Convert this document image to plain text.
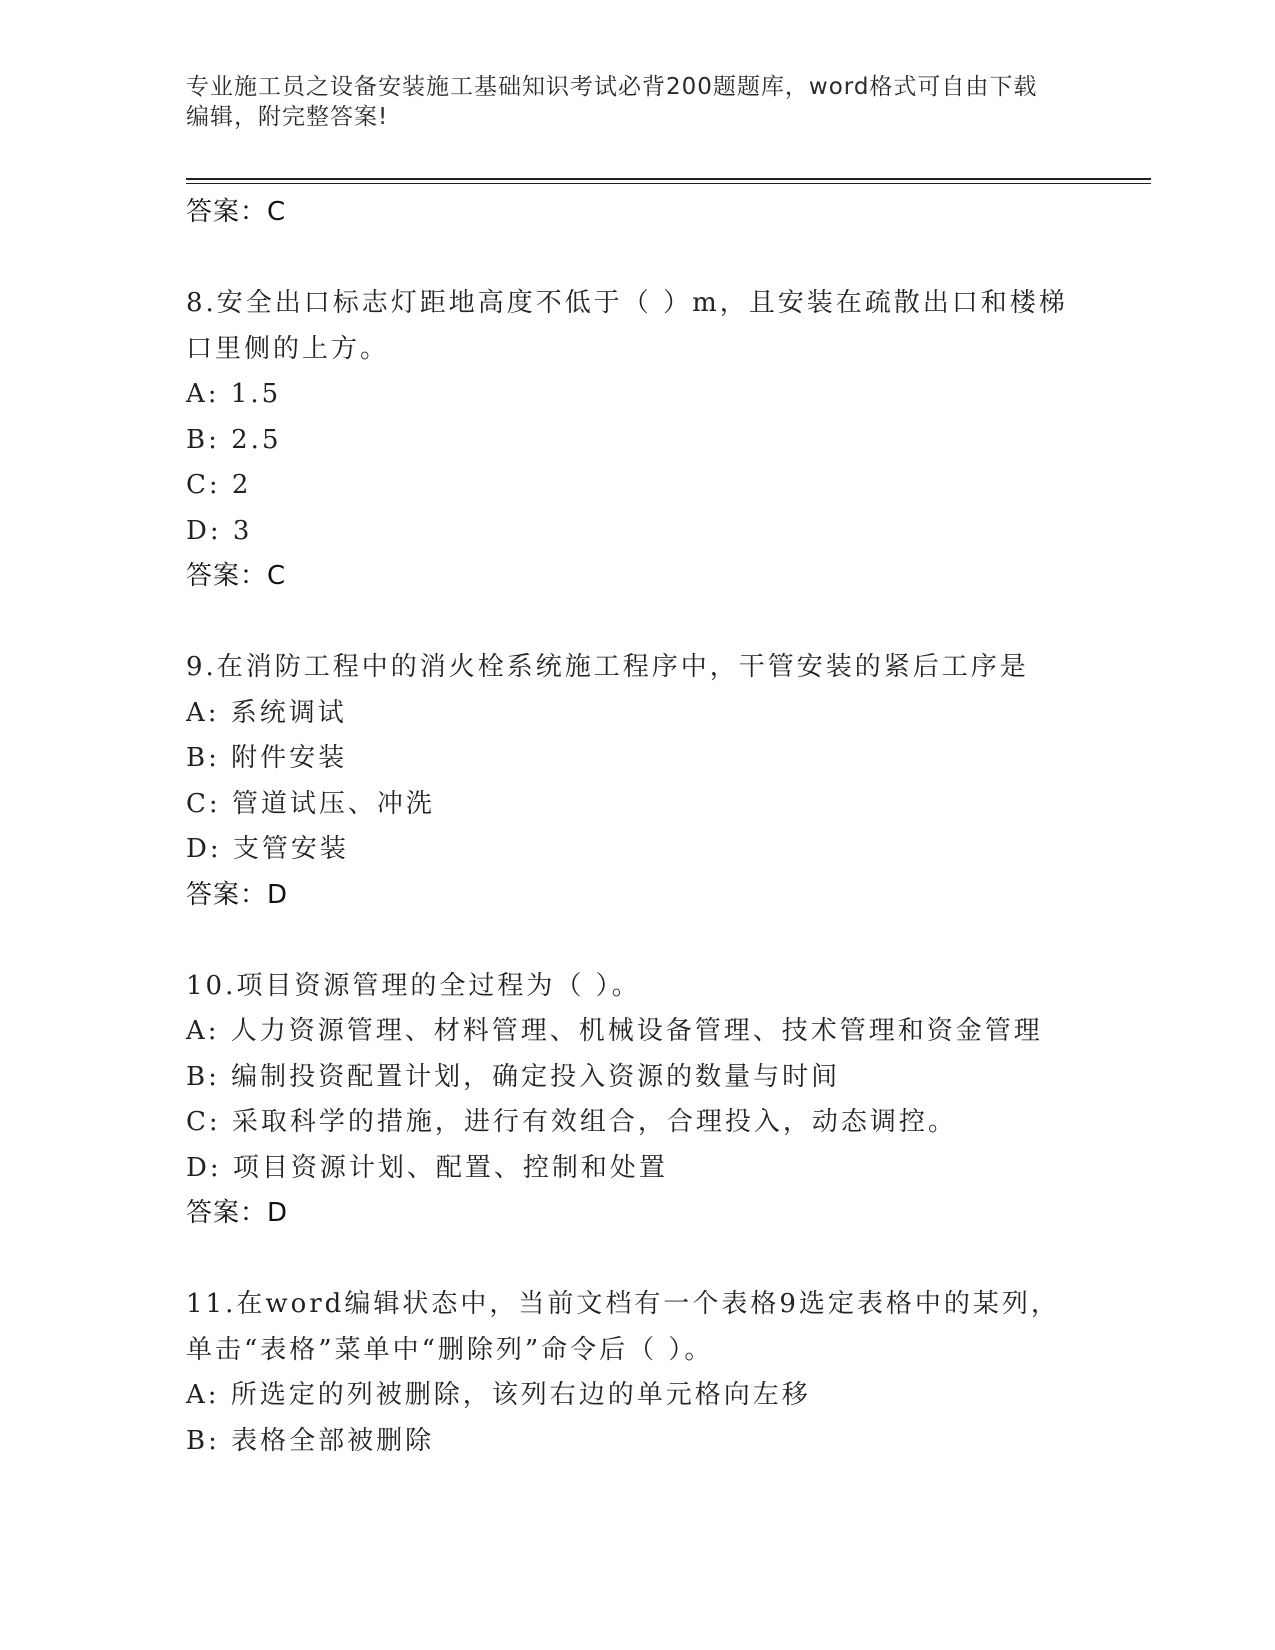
专业施工员之设备安装施工基础知识考试必背200题题库，word格式可自由下载
编辑，附完整答案!
答案：C
8.安全出口标志灯距地高度不低于（ ）m，且安装在疏散出口和楼梯
口里侧的上方。
A: 1.5
B: 2.5
C: 2
D: 3
答案：C
9.在消防工程中的消火栓系统施工程序中，干管安装的紧后工序是
A: 系统调试
B: 附件安装
C: 管道试压、冲洗
D: 支管安装
答案：D
10.项目资源管理的全过程为（ ）。
A: 人力资源管理、材料管理、机械设备管理、技术管理和资金管理
B: 编制投资配置计划，确定投入资源的数量与时间
C: 采取科学的措施，进行有效组合，合理投入，动态调控。
D: 项目资源计划、配置、控制和处置
答案：D
11.在word编辑状态中，当前文档有一个表格9选定表格中的某列，
单击“表格”菜单中“删除列”命令后（ ）。
A: 所选定的列被删除，该列右边的单元格向左移
B: 表格全部被删除
